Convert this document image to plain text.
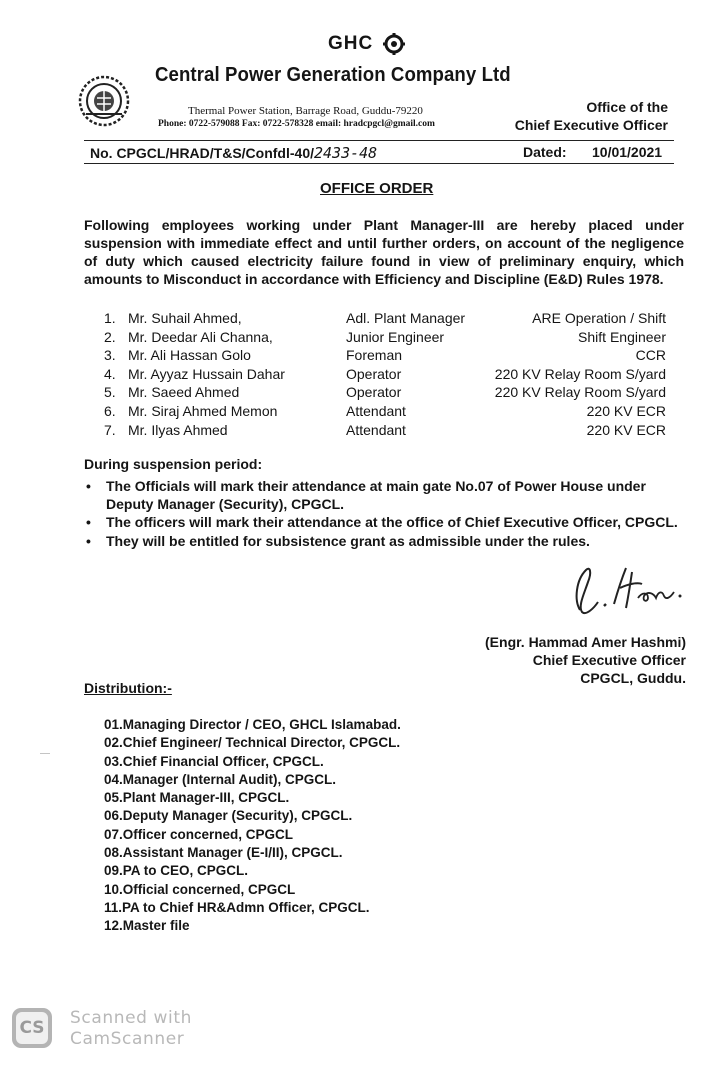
GHC
Central Power Generation Company Ltd
Thermal Power Station, Barrage Road, Guddu-79220
Phone: 0722-579088 Fax: 0722-578328 email: hradcpgcl@gmail.com
Office of the
Chief Executive Officer
No. CPGCL/HRAD/T&S/Confdl-40/2433-48	Dated: 10/01/2021
OFFICE ORDER
Following employees working under Plant Manager-III are hereby placed under suspension with immediate effect and until further orders, on account of the negligence of duty which caused electricity failure found in view of preliminary enquiry, which amounts to Misconduct in accordance with Efficiency and Discipline (E&D) Rules 1978.
1. Mr. Suhail Ahmed,	Adl. Plant Manager	ARE Operation / Shift
2. Mr. Deedar Ali Channa,	Junior Engineer	Shift Engineer
3. Mr. Ali Hassan Golo	Foreman	CCR
4. Mr. Ayyaz Hussain Dahar	Operator	220 KV Relay Room S/yard
5. Mr. Saeed Ahmed	Operator	220 KV Relay Room S/yard
6. Mr. Siraj Ahmed Memon	Attendant	220 KV ECR
7. Mr. Ilyas Ahmed	Attendant	220 KV ECR
During suspension period:
• The Officials will mark their attendance at main gate No.07 of Power House under Deputy Manager (Security), CPGCL.
• The officers will mark their attendance at the office of Chief Executive Officer, CPGCL.
• They will be entitled for subsistence grant as admissible under the rules.
(Engr. Hammad Amer Hashmi)
Chief Executive Officer
CPGCL, Guddu.
Distribution:-
01.Managing Director / CEO, GHCL Islamabad.
02.Chief Engineer/ Technical Director, CPGCL.
03.Chief Financial Officer, CPGCL.
04.Manager (Internal Audit), CPGCL.
05.Plant Manager-III, CPGCL.
06.Deputy Manager (Security), CPGCL.
07.Officer concerned, CPGCL
08.Assistant Manager (E-I/II), CPGCL.
09.PA to CEO, CPGCL.
10.Official concerned, CPGCL
11.PA to Chief HR&Admn Officer, CPGCL.
12.Master file
CS Scanned with
CamScanner
